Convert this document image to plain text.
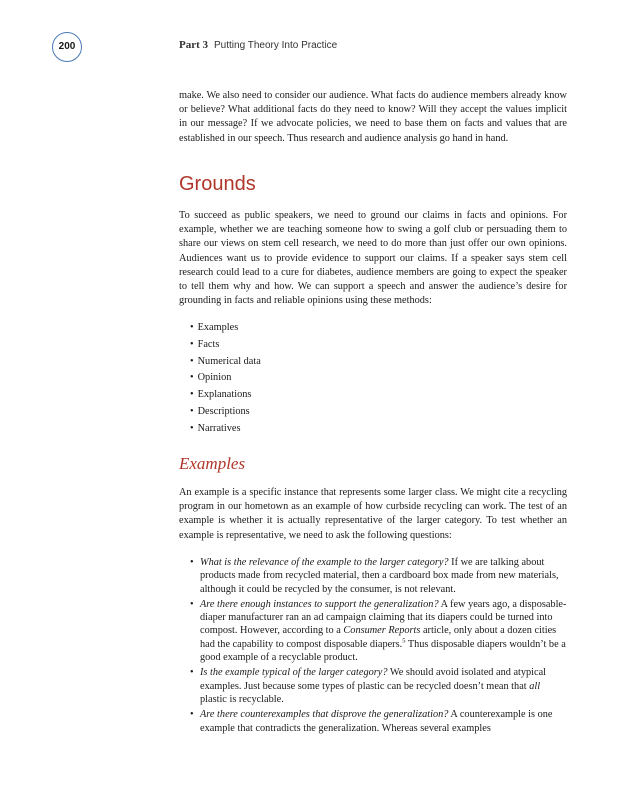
200	Part 3 Putting Theory Into Practice

make. We also need to consider our audience. What facts do audience members already know or believe? What additional facts do they need to know? Will they accept the values implicit in our message? If we advocate policies, we need to base them on facts and values that are established in our speech. Thus research and audience analysis go hand in hand.

Grounds

To succeed as public speakers, we need to ground our claims in facts and opinions. For example, whether we are teaching someone how to swing a golf club or persuading them to share our views on stem cell research, we need to do more than just offer our own opinions. Audiences want us to provide evidence to support our claims. If a speaker says stem cell research could lead to a cure for diabetes, audience members are going to expect the speaker to tell them why and how. We can support a speech and answer the audience’s desire for grounding in facts and reliable opinions using these methods:

• Examples
• Facts
• Numerical data
• Opinion
• Explanations
• Descriptions
• Narratives
Examples

An example is a specific instance that represents some larger class. We might cite a recycling program in our hometown as an example of how curbside recycling can work. The test of an example is whether it is actually representative of the larger category. To test whether an example is representative, we need to ask the following questions:

• What is the relevance of the example to the larger category? If we are talking about products made from recycled material, then a cardboard box made from new materials, although it could be recycled by the consumer, is not relevant.
• Are there enough instances to support the generalization? A few years ago, a disposable-diaper manufacturer ran an ad campaign claiming that its diapers could be turned into compost. However, according to a Consumer Reports article, only about a dozen cities had the capability to compost disposable diapers.$^5$ Thus disposable diapers wouldn’t be a good example of a recyclable product.
• Is the example typical of the larger category? We should avoid isolated and atypical examples. Just because some types of plastic can be recycled doesn’t mean that all plastic is recyclable.
• Are there counterexamples that disprove the generalization? A counterexample is one example that contradicts the generalization. Whereas several examples
